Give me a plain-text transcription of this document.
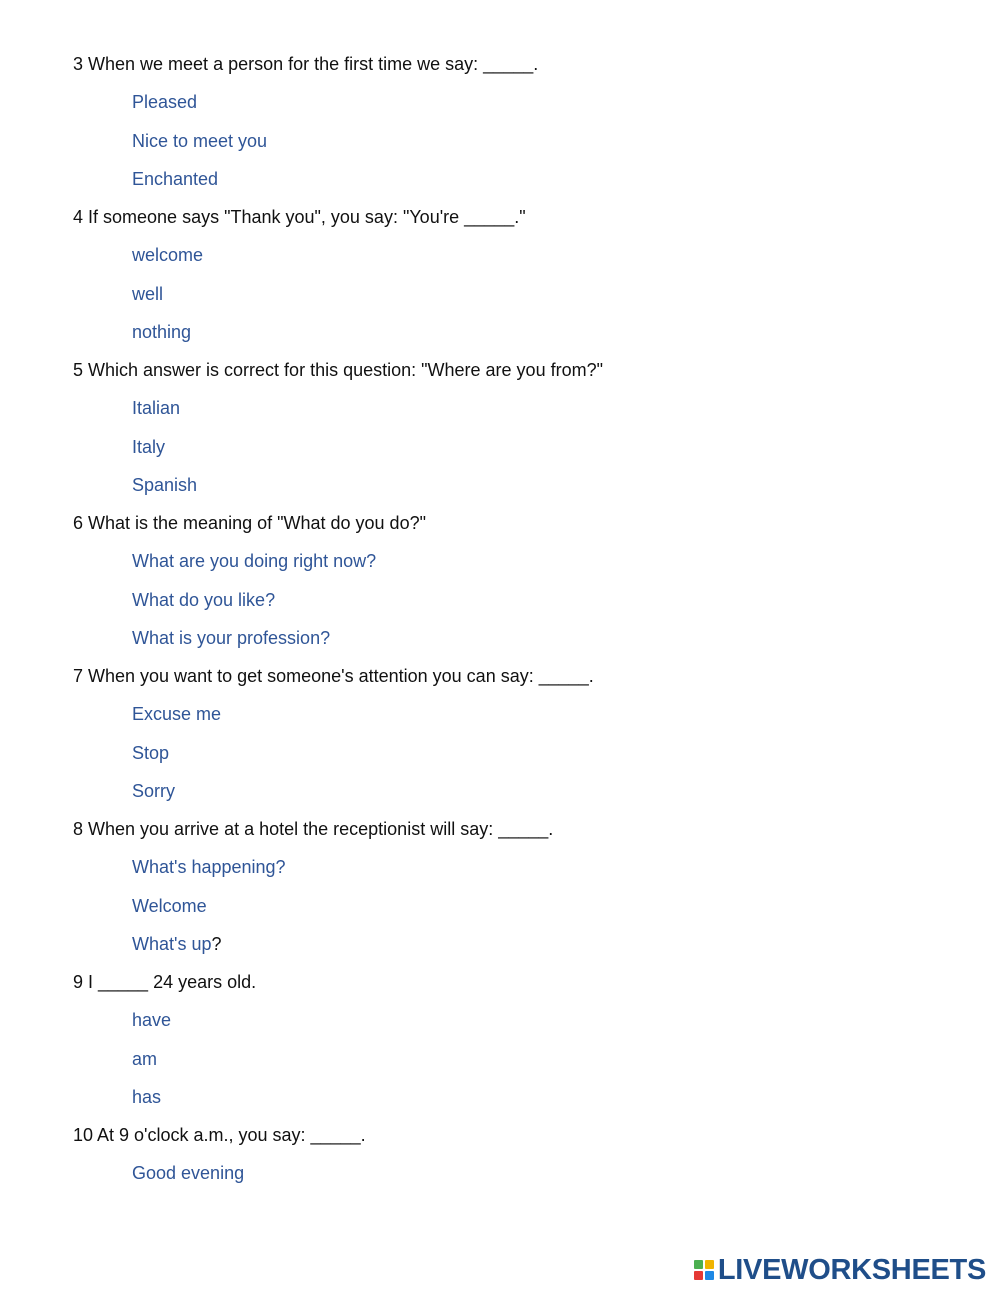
3 When we meet a person for the first time we say: _____.
Pleased
Nice to meet you
Enchanted
4 If someone says "Thank you", you say: "You're _____."
welcome
well
nothing
5 Which answer is correct for this question: "Where are you from?"
Italian
Italy
Spanish
6 What is the meaning of "What do you do?"
What are you doing right now?
What do you like?
What is your profession?
7 When you want to get someone's attention you can say: _____.
Excuse me
Stop
Sorry
8 When you arrive at a hotel the receptionist will say: _____.
What's happening?
Welcome
What's up?
9 I _____ 24 years old.
have
am
has
10 At 9 o'clock a.m., you say: _____.
Good evening
LIVEWORKSHEETS
